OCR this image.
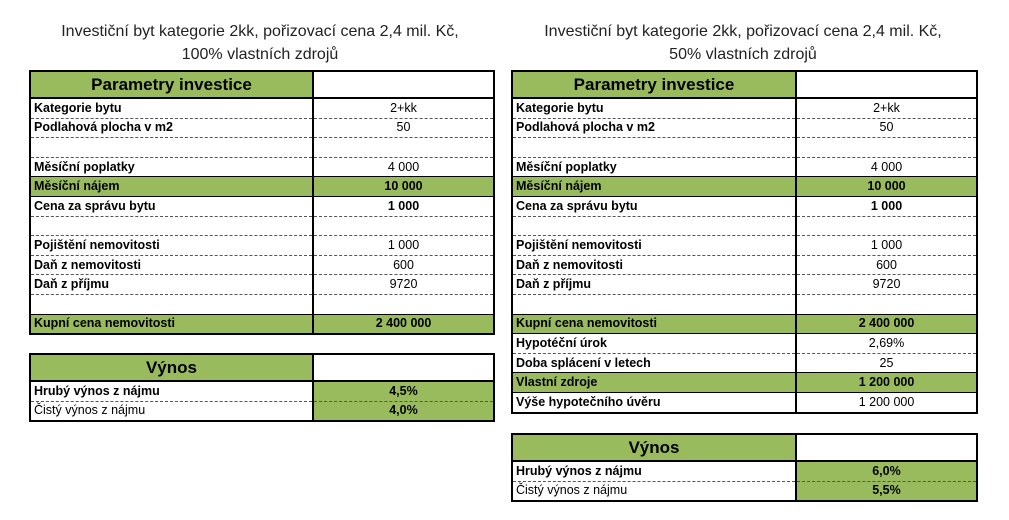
Investiční byt kategorie 2kk, pořizovací cena 2,4 mil. Kč,
100% vlastních zdrojů
Parametry investice	
Kategorie bytu	2+kk
Podlahová plocha v m2	50

Měsíční poplatky	4 000
Měsíční nájem	10 000
Cena za správu bytu	1 000

Pojištění nemovitosti	1 000
Daň z nemovitosti	600
Daň z příjmu	9720

Kupní cena nemovitosti	2 400 000
Výnos	
Hrubý výnos z nájmu	4,5%
Čistý výnos z nájmu	4,0%
Investiční byt kategorie 2kk, pořizovací cena 2,4 mil. Kč,
50% vlastních zdrojů
Parametry investice	
Kategorie bytu	2+kk
Podlahová plocha v m2	50

Měsíční poplatky	4 000
Měsíční nájem	10 000
Cena za správu bytu	1 000

Pojištění nemovitosti	1 000
Daň z nemovitosti	600
Daň z příjmu	9720

Kupní cena nemovitosti	2 400 000
Hypotéční úrok	2,69%
Doba splácení v letech	25
Vlastní zdroje	1 200 000
Výše hypotečního úvěru	1 200 000
Výnos	
Hrubý výnos z nájmu	6,0%
Čistý výnos z nájmu	5,5%
